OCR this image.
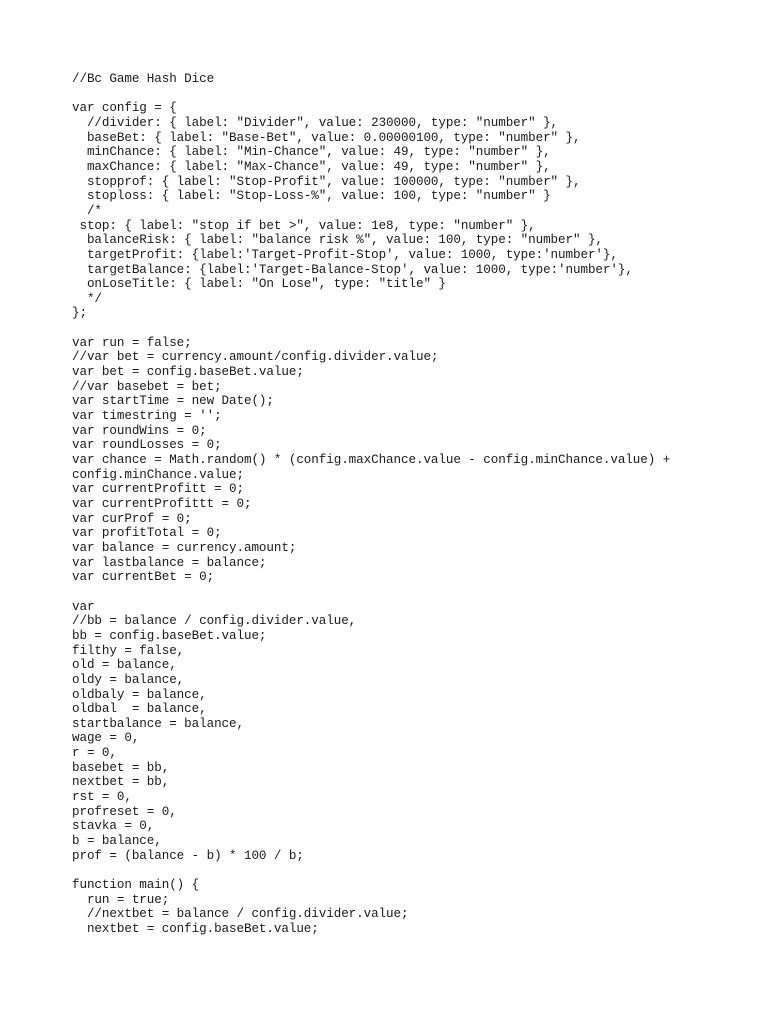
//Bc Game Hash Dice
var config = {
//divider: { label: "Divider", value: 230000, type: "number" },
baseBet: { label: "Base-Bet", value: 0.00000100, type: "number" },
minChance: { label: "Min-Chance", value: 49, type: "number" },
maxChance: { label: "Max-Chance", value: 49, type: "number" },
stopprof: { label: "Stop-Profit", value: 100000, type: "number" },
stoploss: { label: "Stop-Loss-%", value: 100, type: "number" }
/*
stop: { label: "stop if bet >", value: 1e8, type: "number" },
balanceRisk: { label: "balance risk %", value: 100, type: "number" },
targetProfit: {label:'Target-Profit-Stop', value: 1000, type:'number'},
targetBalance: {label:'Target-Balance-Stop', value: 1000, type:'number'},
onLoseTitle: { label: "On Lose", type: "title" }
*/
};
var run = false;
//var bet = currency.amount/config.divider.value;
var bet = config.baseBet.value;
//var basebet = bet;
var startTime = new Date();
var timestring = '';
var roundWins = 0;
var roundLosses = 0;
var chance = Math.random() * (config.maxChance.value - config.minChance.value) +
config.minChance.value;
var currentProfitt = 0;
var currentProfittt = 0;
var curProf = 0;
var profitTotal = 0;
var balance = currency.amount;
var lastbalance = balance;
var currentBet = 0;
var
//bb = balance / config.divider.value,
bb = config.baseBet.value;
filthy = false,
old = balance,
oldy = balance,
oldbaly = balance,
oldbal  = balance,
startbalance = balance,
wage = 0,
r = 0,
basebet = bb,
nextbet = bb,
rst = 0,
profreset = 0,
stavka = 0,
b = balance,
prof = (balance - b) * 100 / b;
function main() {
run = true;
//nextbet = balance / config.divider.value;
nextbet = config.baseBet.value;
